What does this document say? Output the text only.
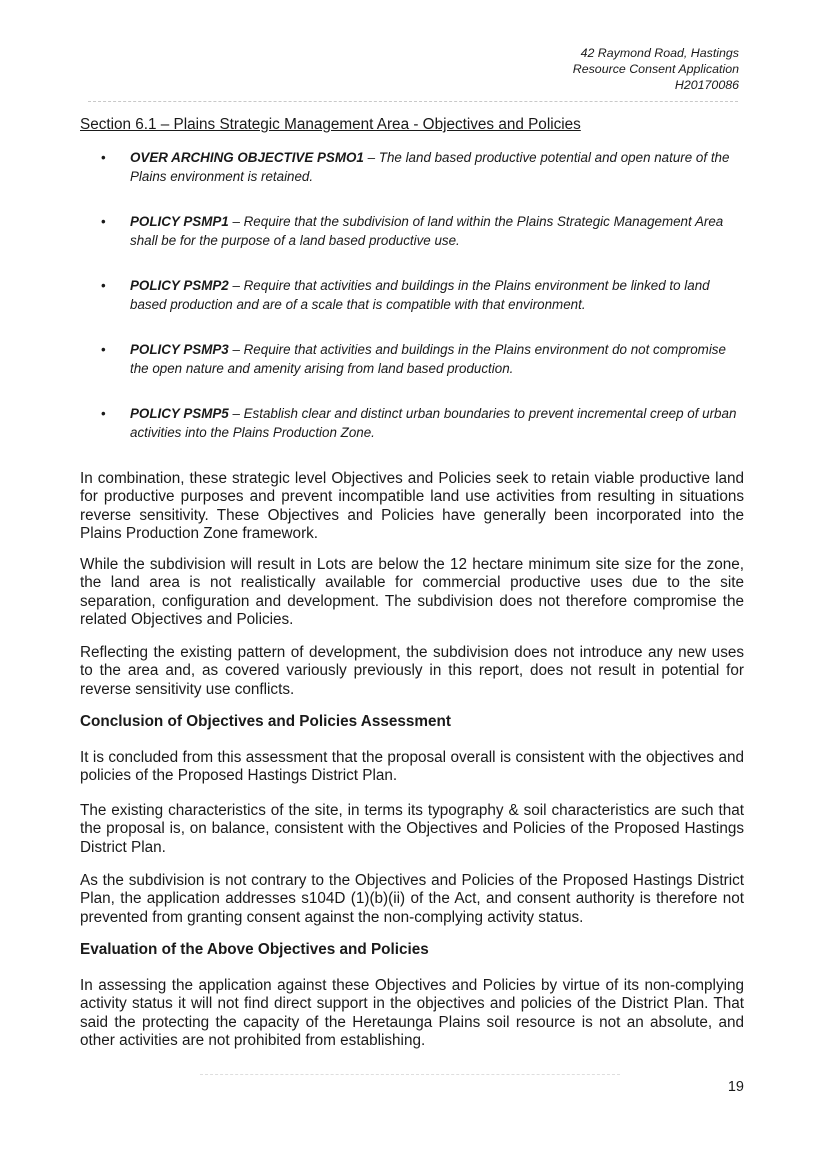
42 Raymond Road, Hastings
Resource Consent Application
H20170086
Section 6.1 – Plains Strategic Management Area - Objectives and Policies
• OVER ARCHING OBJECTIVE PSMO1 – The land based productive potential and open nature of the Plains environment is retained.
• POLICY PSMP1 – Require that the subdivision of land within the Plains Strategic Management Area shall be for the purpose of a land based productive use.
• POLICY PSMP2 – Require that activities and buildings in the Plains environment be linked to land based production and are of a scale that is compatible with that environment.
• POLICY PSMP3 – Require that activities and buildings in the Plains environment do not compromise the open nature and amenity arising from land based production.
• POLICY PSMP5 – Establish clear and distinct urban boundaries to prevent incremental creep of urban activities into the Plains Production Zone.

In combination, these strategic level Objectives and Policies seek to retain viable productive land for productive purposes and prevent incompatible land use activities from resulting in situations reverse sensitivity. These Objectives and Policies have generally been incorporated into the Plains Production Zone framework.

While the subdivision will result in Lots are below the 12 hectare minimum site size for the zone, the land area is not realistically available for commercial productive uses due to the site separation, configuration and development. The subdivision does not therefore compromise the related Objectives and Policies.

Reflecting the existing pattern of development, the subdivision does not introduce any new uses to the area and, as covered variously previously in this report, does not result in potential for reverse sensitivity use conflicts.

Conclusion of Objectives and Policies Assessment

It is concluded from this assessment that the proposal overall is consistent with the objectives and policies of the Proposed Hastings District Plan.

The existing characteristics of the site, in terms its typography & soil characteristics are such that the proposal is, on balance, consistent with the Objectives and Policies of the Proposed Hastings District Plan.

As the subdivision is not contrary to the Objectives and Policies of the Proposed Hastings District Plan, the application addresses s104D (1)(b)(ii) of the Act, and consent authority is therefore not prevented from granting consent against the non-complying activity status.

Evaluation of the Above Objectives and Policies

In assessing the application against these Objectives and Policies by virtue of its non-complying activity status it will not find direct support in the objectives and policies of the District Plan. That said the protecting the capacity of the Heretaunga Plains soil resource is not an absolute, and other activities are not prohibited from establishing.

19
